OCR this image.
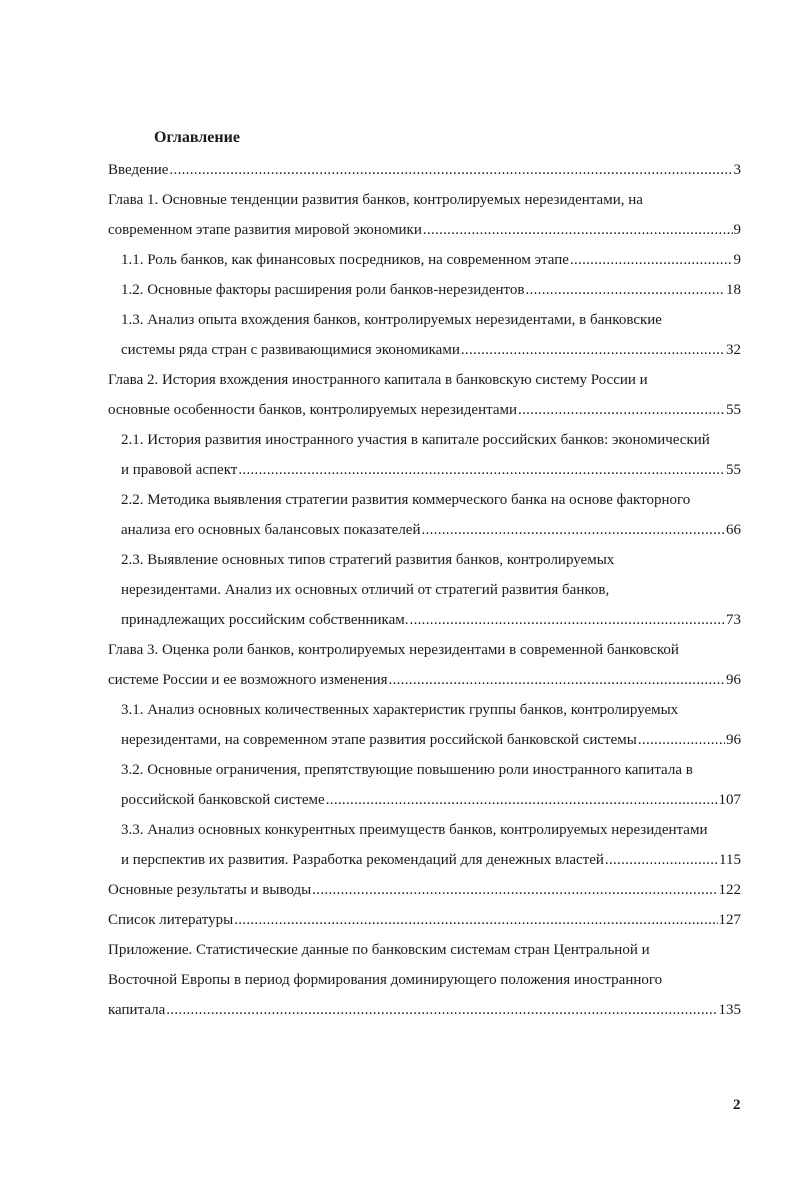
Оглавление
Введение .....	3
Глава 1. Основные тенденции развития банков, контролируемых нерезидентами, на
современном этапе развития мировой экономики .....	9
1.1. Роль банков, как финансовых посредников, на современном этапе .....	9
1.2. Основные факторы расширения роли банков-нерезидентов .....	18
1.3. Анализ опыта вхождения банков, контролируемых нерезидентами, в банковские
системы ряда стран с развивающимися экономиками .....	32
Глава 2. История вхождения иностранного капитала в банковскую систему России и
основные особенности банков, контролируемых нерезидентами .....	55
2.1. История развития иностранного участия в капитале российских банков: экономический
и правовой аспект .....	55
2.2. Методика выявления стратегии развития коммерческого банка на основе факторного
анализа его основных балансовых показателей .....	66
2.3. Выявление основных типов стратегий развития банков, контролируемых
нерезидентами. Анализ их основных отличий от стратегий развития банков,
принадлежащих российским собственникам. .....	73
Глава 3. Оценка роли банков, контролируемых нерезидентами в современной банковской
системе России и ее возможного изменения .....	96
3.1. Анализ основных количественных характеристик группы банков, контролируемых
нерезидентами, на современном этапе развития российской банковской системы .....	96
3.2. Основные ограничения, препятствующие повышению роли иностранного капитала в
российской банковской системе .....	107
3.3. Анализ основных конкурентных преимуществ банков, контролируемых нерезидентами
и перспектив их развития. Разработка рекомендаций для денежных властей .....	115
Основные результаты и выводы .....	122
Список литературы .....	127
Приложение. Статистические данные по банковским системам стран Центральной и
Восточной Европы в период формирования доминирующего положения иностранного
капитала .....	135
2
